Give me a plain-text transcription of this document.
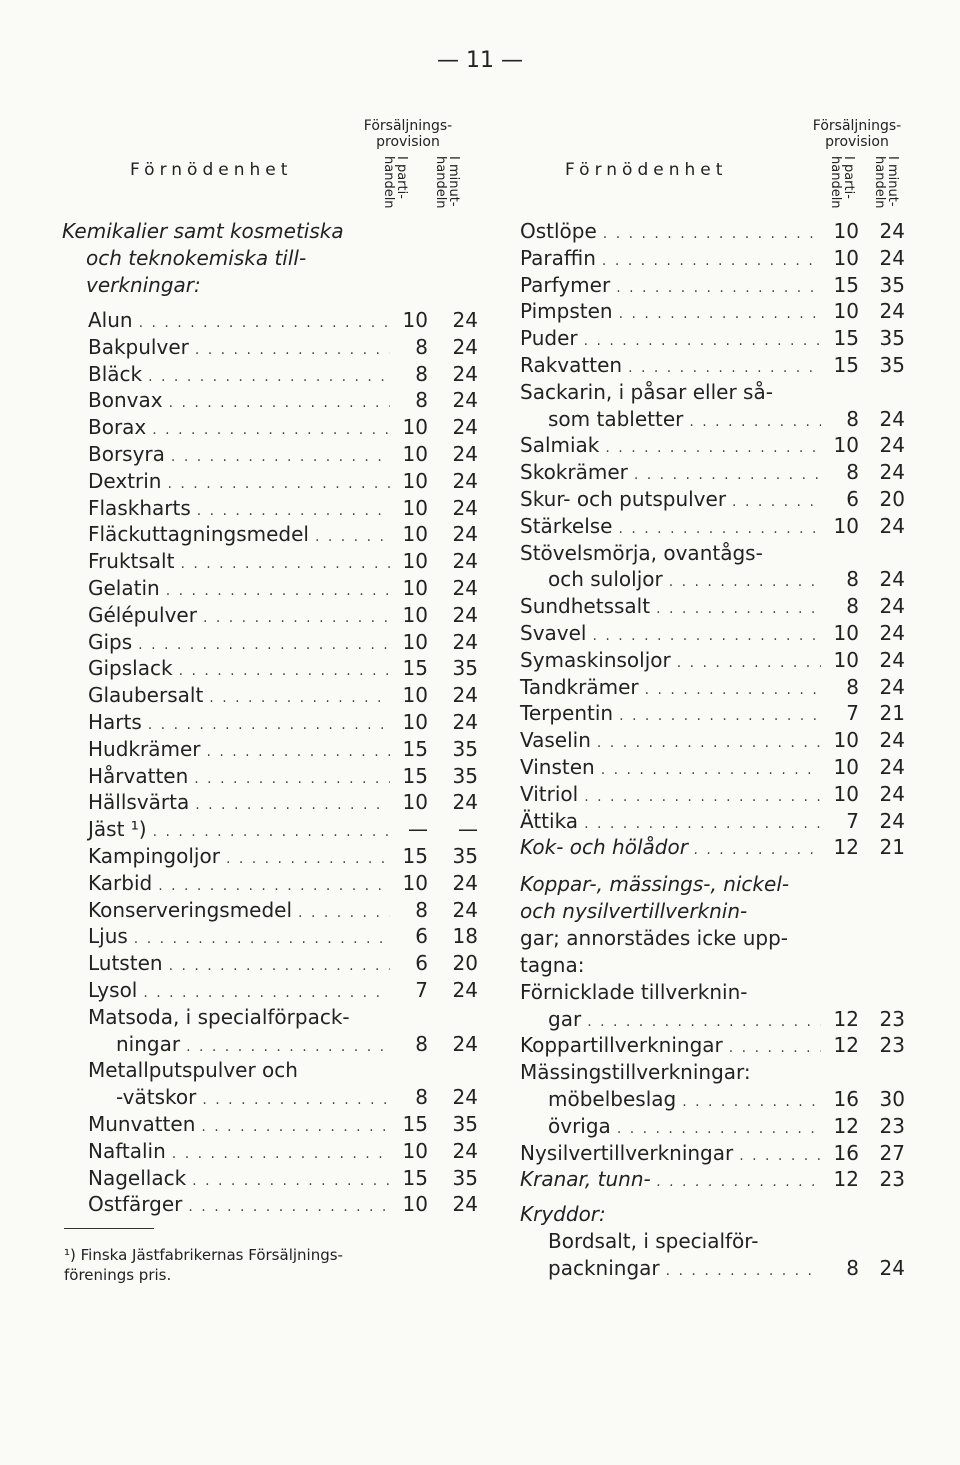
— 11 —
Förnödenhet
Försäljnings- provision
I parti- handeln	I minut- handeln
Kemikalier samt kosmetiska
och teknokemiska till-
verkningar:
Alun . . .	10	24
Bakpulver . . .	8	24
Bläck . . .	8	24
Bonvax . . .	8	24
Borax . . .	10	24
Borsyra . . .	10	24
Dextrin . . .	10	24
Flaskharts . . .	10	24
Fläckuttagningsmedel . . .	10	24
Fruktsalt . . .	10	24
Gelatin . . .	10	24
Gélépulver . . .	10	24
Gips . . .	10	24
Gipslack . . .	15	35
Glaubersalt . . .	10	24
Harts . . .	10	24
Hudkrämer . . .	15	35
Hårvatten . . .	15	35
Hällsvärta . . .	10	24
Jäst ¹) . . .	—	—
Kampingoljor . . .	15	35
Karbid . . .	10	24
Konserveringsmedel . . .	8	24
Ljus . . .	6	18
Lutsten . . .	6	20
Lysol . . .	7	24
Matsoda, i specialförpack-
ningar . . .	8	24
Metallputspulver och
-vätskor . . .	8	24
Munvatten . . .	15	35
Naftalin . . .	10	24
Nagellack . . .	15	35
Ostfärger . . .	10	24
¹) Finska Jästfabrikernas Försäljnings-
förenings pris.
Förnödenhet
Försäljnings- provision
I parti- handeln	I minut- handeln
Ostlöpe . . .	10	24
Paraffin . . .	10	24
Parfymer . . .	15	35
Pimpsten . . .	10	24
Puder . . .	15	35
Rakvatten . . .	15	35
Sackarin, i påsar eller så-
som tabletter . . .	8	24
Salmiak . . .	10	24
Skokrämer . . .	8	24
Skur- och putspulver . . .	6	20
Stärkelse . . .	10	24
Stövelsmörja, ovantågs-
och suloljor . . .	8	24
Sundhetssalt . . .	8	24
Svavel . . .	10	24
Symaskinsoljor . . .	10	24
Tandkrämer . . .	8	24
Terpentin . . .	7	21
Vaselin . . .	10	24
Vinsten . . .	10	24
Vitriol . . .	10	24
Ättika . . .	7	24
Kok- och hölådor . . .	12	21
Koppar-, mässings-, nickel-
och nysilvertillverknin-
gar; annorstädes icke upp-
tagna:
Förnicklade tillverknin-
gar . . .	12	23
Koppartillverkningar . . .	12	23
Mässingstillverkningar:
möbelbeslag . . .	16	30
övriga . . .	12	23
Nysilvertillverkningar . . .	16	27
Kranar, tunn- . . .	12	23
Kryddor:
Bordsalt, i specialför-
packningar . . .	8	24
